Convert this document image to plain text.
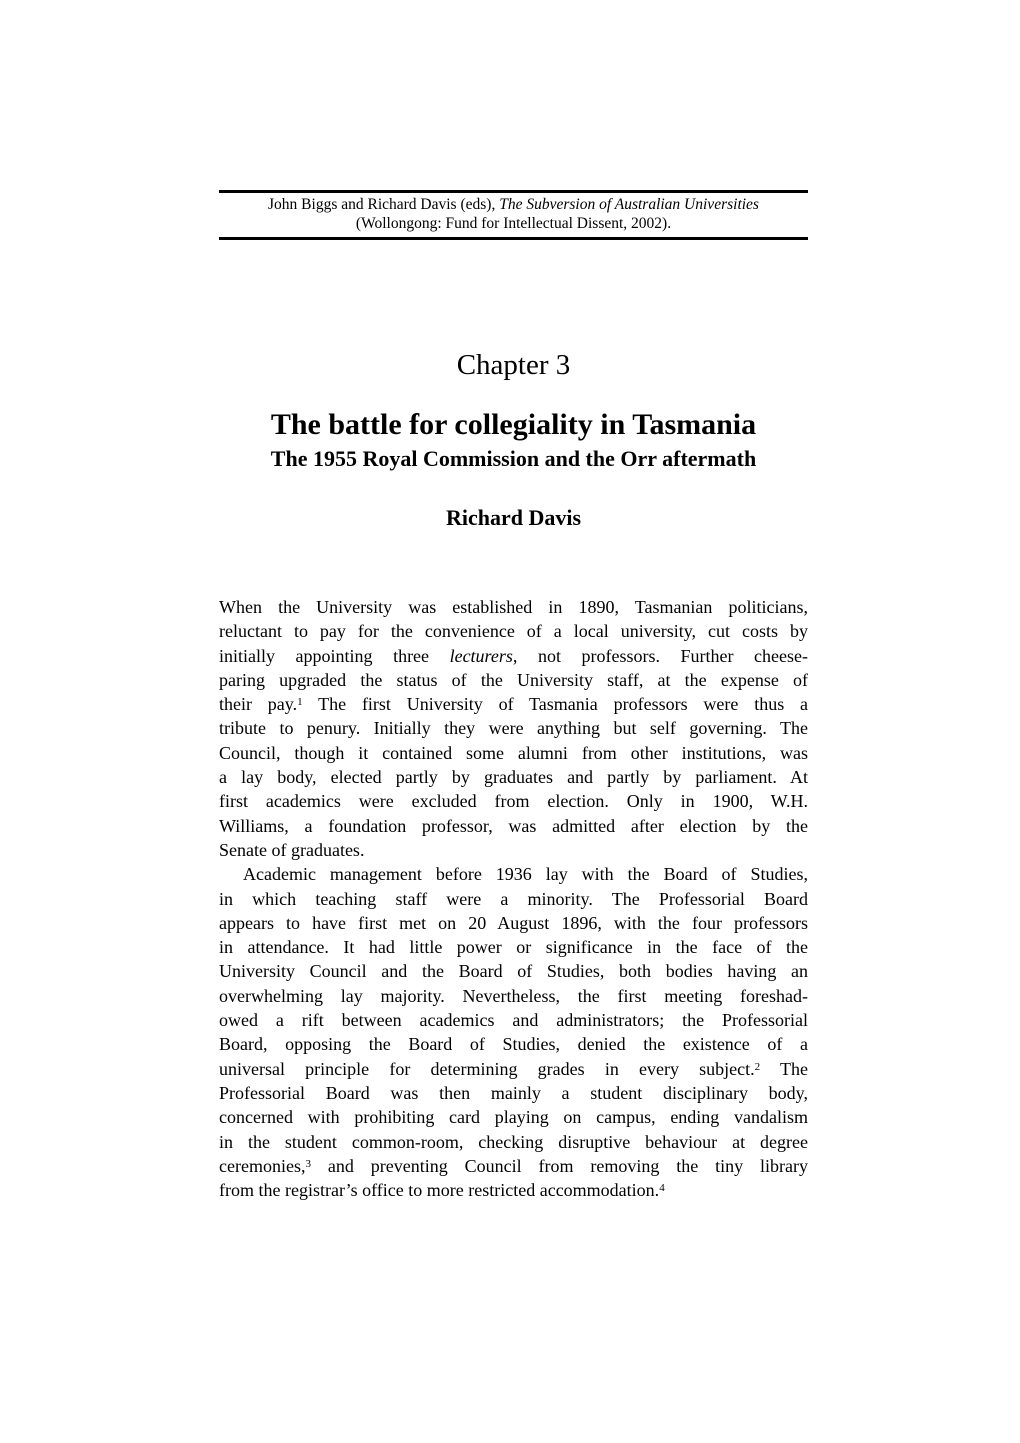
John Biggs and Richard Davis (eds), The Subversion of Australian Universities
(Wollongong: Fund for Intellectual Dissent, 2002).
Chapter 3
The battle for collegiality in Tasmania
The 1955 Royal Commission and the Orr aftermath
Richard Davis
When the University was established in 1890, Tasmanian politicians,
reluctant to pay for the convenience of a local university, cut costs by
initially appointing three lecturers, not professors. Further cheese-
paring upgraded the status of the University staff, at the expense of
their pay.$^1$ The first University of Tasmania professors were thus a
tribute to penury. Initially they were anything but self governing. The
Council, though it contained some alumni from other institutions, was
a lay body, elected partly by graduates and partly by parliament. At
first academics were excluded from election. Only in 1900, W.H.
Williams, a foundation professor, was admitted after election by the
Senate of graduates.
Academic management before 1936 lay with the Board of Studies,
in which teaching staff were a minority. The Professorial Board
appears to have first met on 20 August 1896, with the four professors
in attendance. It had little power or significance in the face of the
University Council and the Board of Studies, both bodies having an
overwhelming lay majority. Nevertheless, the first meeting foreshad-
owed a rift between academics and administrators; the Professorial
Board, opposing the Board of Studies, denied the existence of a
universal principle for determining grades in every subject.$^2$ The
Professorial Board was then mainly a student disciplinary body,
concerned with prohibiting card playing on campus, ending vandalism
in the student common-room, checking disruptive behaviour at degree
ceremonies,$^3$ and preventing Council from removing the tiny library
from the registrar’s office to more restricted accommodation.$^4$
